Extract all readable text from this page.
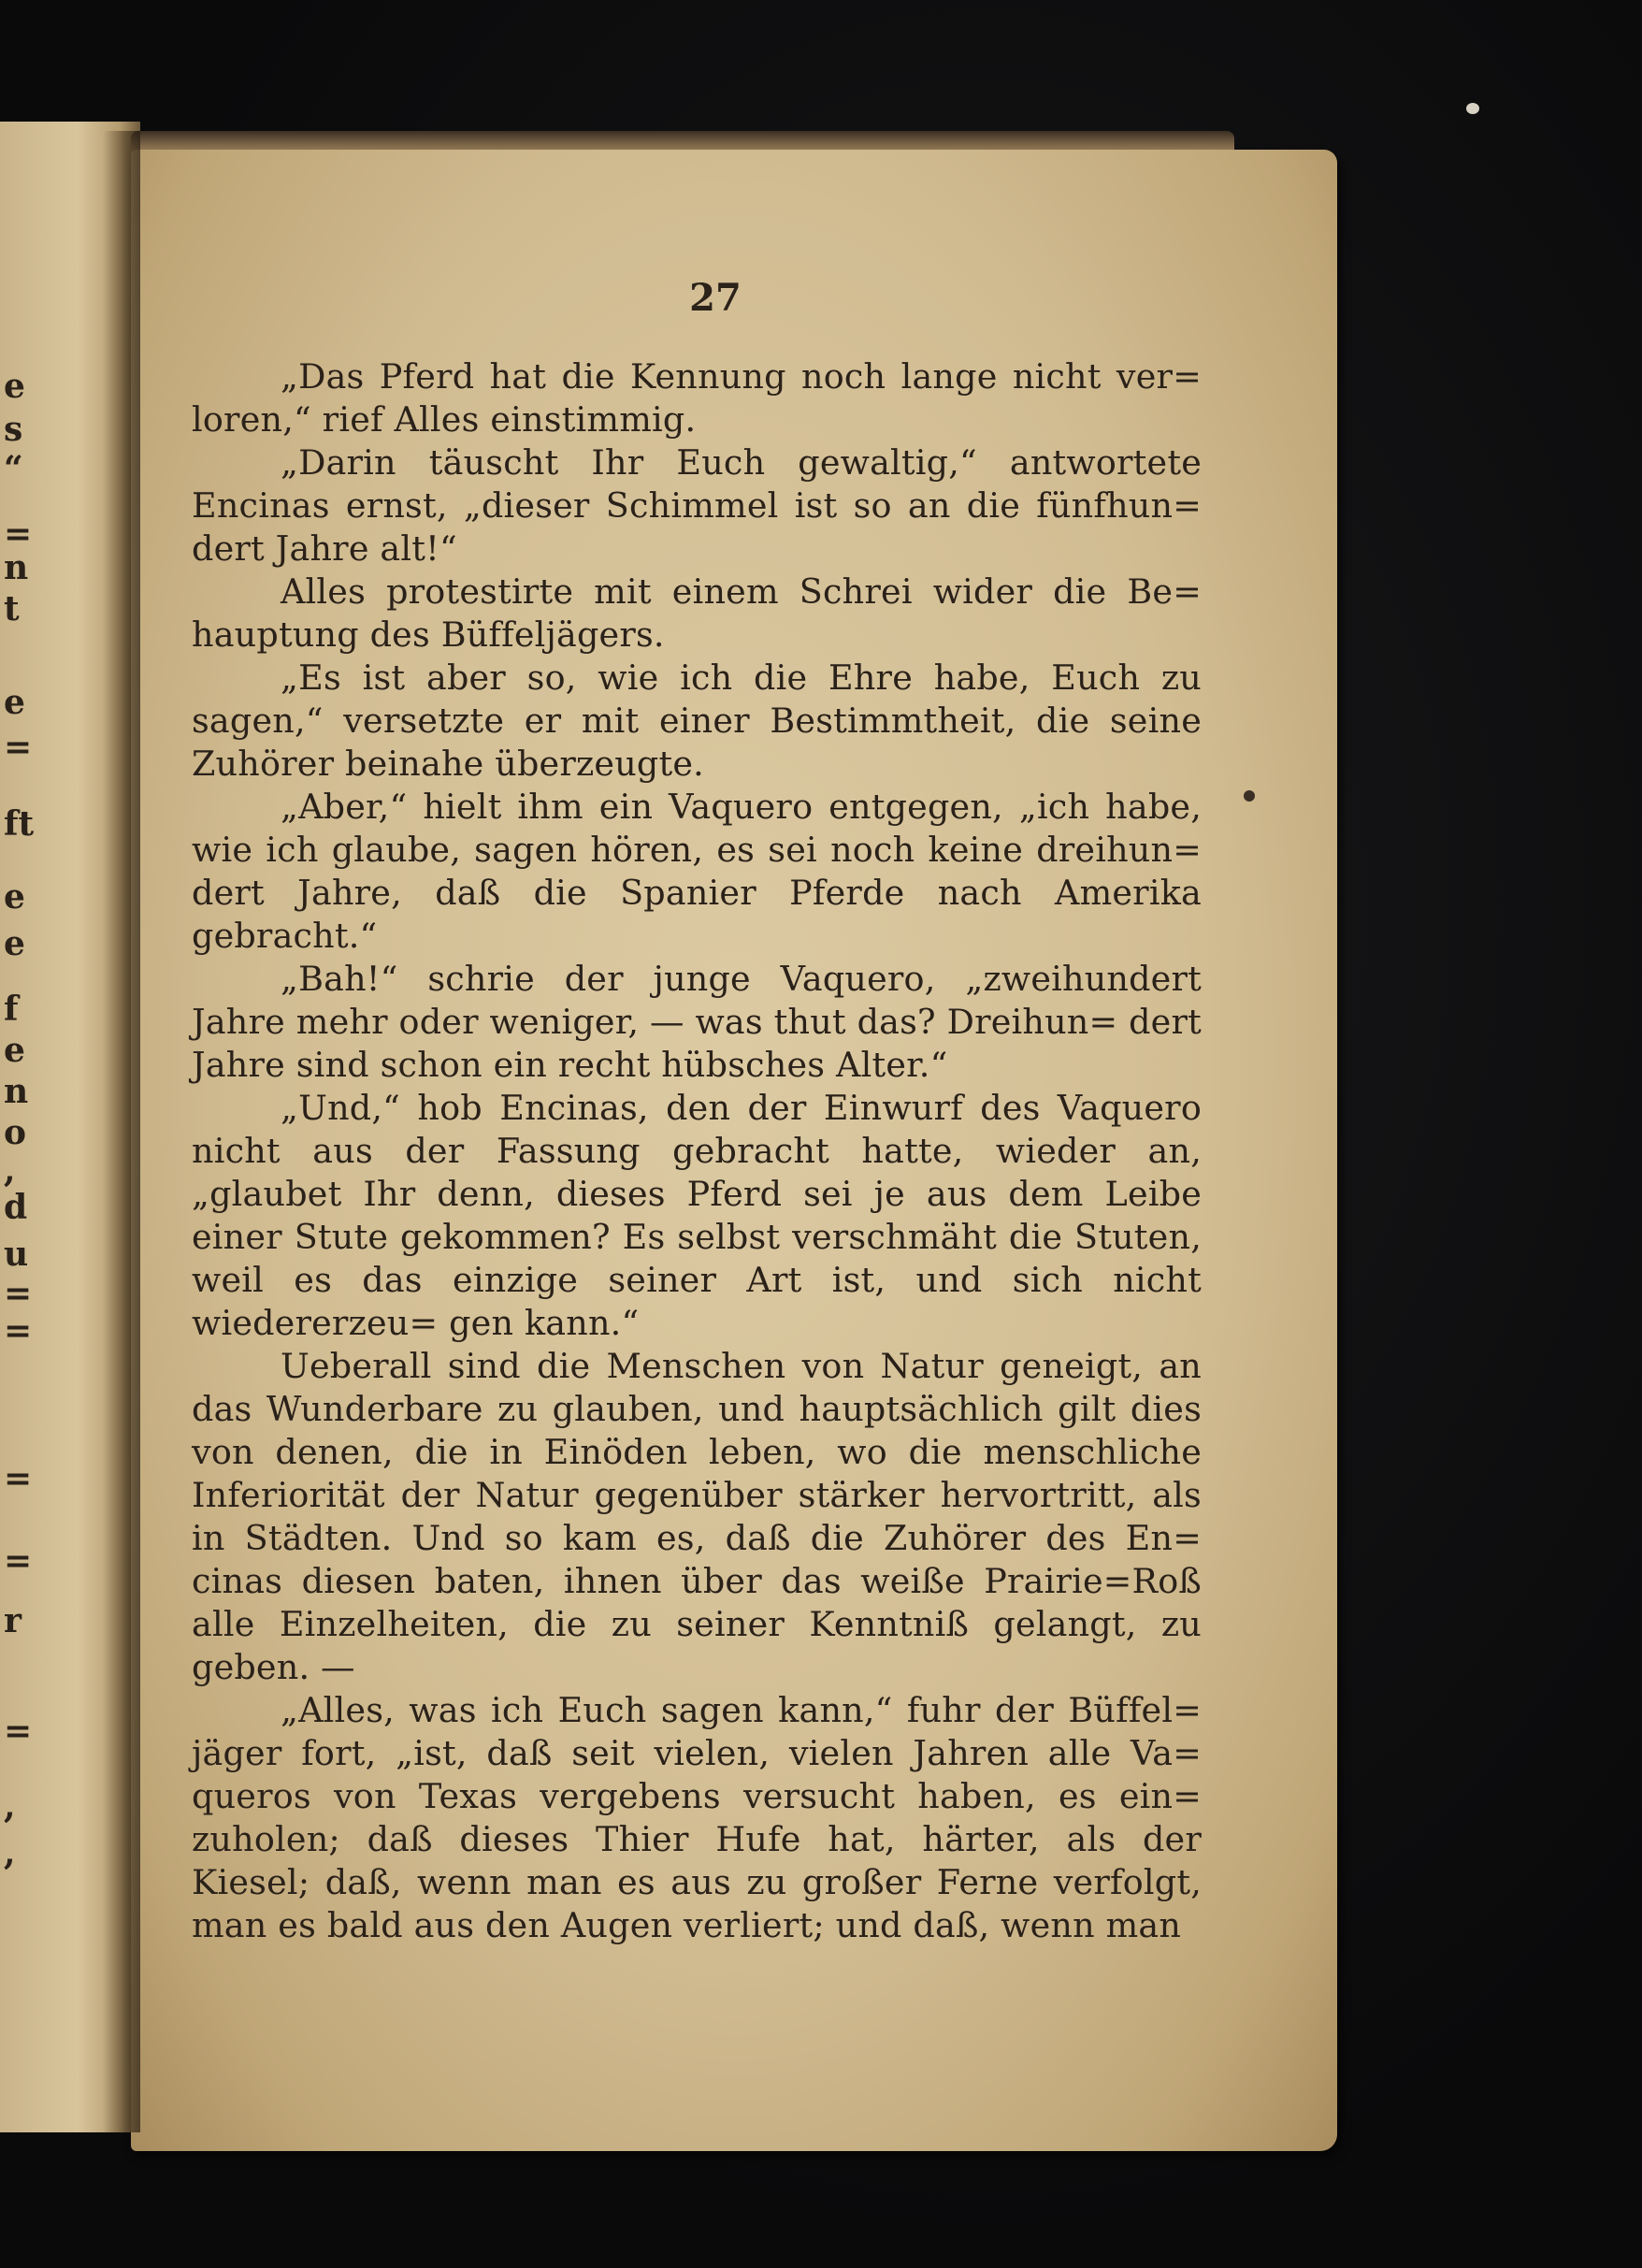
e
s
“
=
n
t
e
=
ft
e
e
f
e
n
o
,
d
u
=
=
=
=
r
=
,
,
27

„Das Pferd hat die Kennung noch lange nicht ver= loren,“ rief Alles einstimmig.

„Darin täuscht Ihr Euch gewaltig,“ antwortete Encinas ernst, „dieser Schimmel ist so an die fünfhun= dert Jahre alt!“

Alles protestirte mit einem Schrei wider die Be= hauptung des Büffeljägers.

„Es ist aber so, wie ich die Ehre habe, Euch zu sagen,“ versetzte er mit einer Bestimmtheit, die seine Zuhörer beinahe überzeugte.

„Aber,“ hielt ihm ein Vaquero entgegen, „ich habe, wie ich glaube, sagen hören, es sei noch keine dreihun= dert Jahre, daß die Spanier Pferde nach Amerika gebracht.“

„Bah!“ schrie der junge Vaquero, „zweihundert Jahre mehr oder weniger, — was thut das? Dreihun= dert Jahre sind schon ein recht hübsches Alter.“

„Und,“ hob Encinas, den der Einwurf des Vaquero nicht aus der Fassung gebracht hatte, wieder an, „glaubet Ihr denn, dieses Pferd sei je aus dem Leibe einer Stute gekommen? Es selbst verschmäht die Stuten, weil es das einzige seiner Art ist, und sich nicht wiedererzeu= gen kann.“

Ueberall sind die Menschen von Natur geneigt, an das Wunderbare zu glauben, und hauptsächlich gilt dies von denen, die in Einöden leben, wo die menschliche Inferiorität der Natur gegenüber stärker hervortritt, als in Städten. Und so kam es, daß die Zuhörer des En= cinas diesen baten, ihnen über das weiße Prairie=Roß alle Einzelheiten, die zu seiner Kenntniß gelangt, zu geben. —

„Alles, was ich Euch sagen kann,“ fuhr der Büffel= jäger fort, „ist, daß seit vielen, vielen Jahren alle Va= queros von Texas vergebens versucht haben, es ein= zuholen; daß dieses Thier Hufe hat, härter, als der Kiesel; daß, wenn man es aus zu großer Ferne verfolgt, man es bald aus den Augen verliert; und daß, wenn man
